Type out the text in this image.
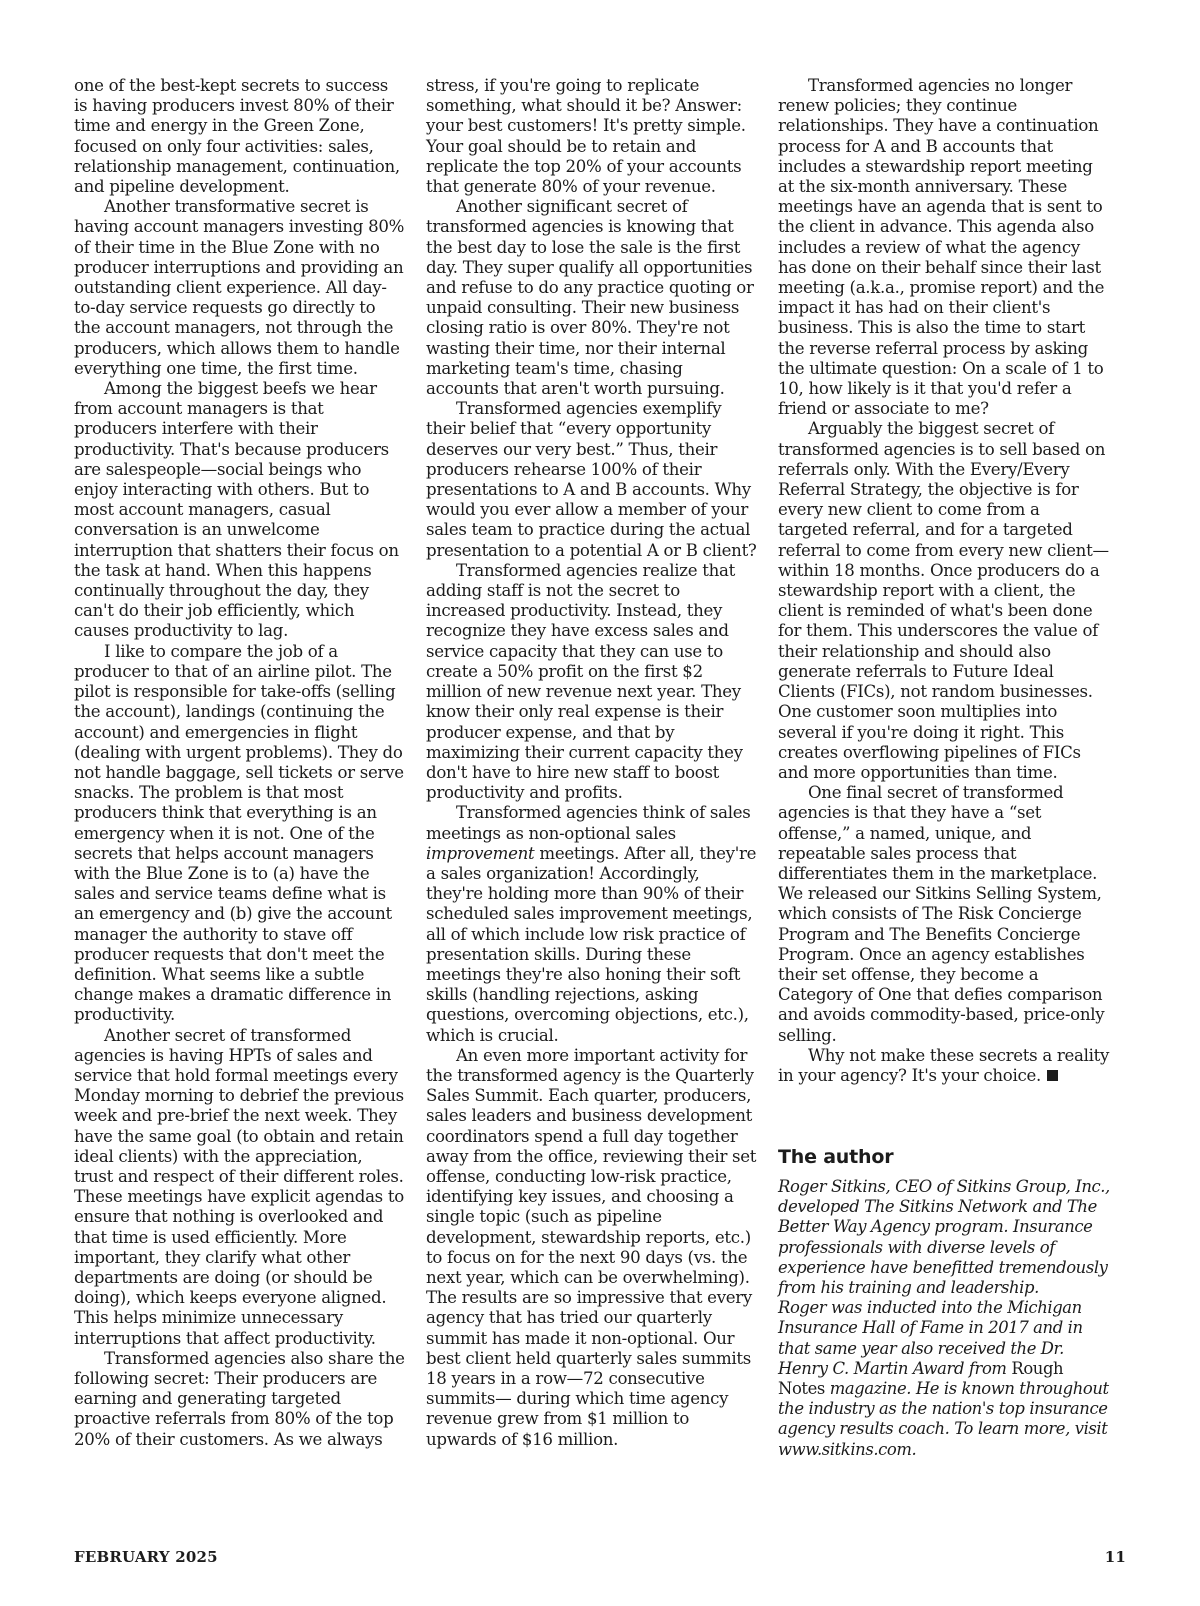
one of the best-kept secrets to success is having producers invest 80% of their time and energy in the Green Zone, focused on only four activities: sales, relationship management, continuation, and pipeline development.

Another transformative secret is having account managers investing 80% of their time in the Blue Zone with no producer interruptions and providing an outstanding client experience. All day-to-day service requests go directly to the account managers, not through the producers, which allows them to handle everything one time, the first time.

Among the biggest beefs we hear from account managers is that producers interfere with their productivity. That's because producers are salespeople—social beings who enjoy interacting with others. But to most account managers, casual conversation is an unwelcome interruption that shatters their focus on the task at hand. When this happens continually throughout the day, they can't do their job efficiently, which causes productivity to lag.

I like to compare the job of a producer to that of an airline pilot. The pilot is responsible for take-offs (selling the account), landings (continuing the account) and emergencies in flight (dealing with urgent problems). They do not handle baggage, sell tickets or serve snacks. The problem is that most producers think that everything is an emergency when it is not. One of the secrets that helps account managers with the Blue Zone is to (a) have the sales and service teams define what is an emergency and (b) give the account manager the authority to stave off producer requests that don't meet the definition. What seems like a subtle change makes a dramatic difference in productivity.

Another secret of transformed agencies is having HPTs of sales and service that hold formal meetings every Monday morning to debrief the previous week and pre-brief the next week. They have the same goal (to obtain and retain ideal clients) with the appreciation, trust and respect of their different roles. These meetings have explicit agendas to ensure that nothing is overlooked and that time is used efficiently. More important, they clarify what other departments are doing (or should be doing), which keeps everyone aligned. This helps minimize unnecessary interruptions that affect productivity.

Transformed agencies also share the following secret: Their producers are earning and generating targeted proactive referrals from 80% of the top 20% of their customers. As we always

stress, if you're going to replicate something, what should it be? Answer: your best customers! It's pretty simple. Your goal should be to retain and replicate the top 20% of your accounts that generate 80% of your revenue.

Another significant secret of transformed agencies is knowing that the best day to lose the sale is the first day. They super qualify all opportunities and refuse to do any practice quoting or unpaid consulting. Their new business closing ratio is over 80%. They're not wasting their time, nor their internal marketing team's time, chasing accounts that aren't worth pursuing.

Transformed agencies exemplify their belief that “every opportunity deserves our very best.” Thus, their producers rehearse 100% of their presentations to A and B accounts. Why would you ever allow a member of your sales team to practice during the actual presentation to a potential A or B client?

Transformed agencies realize that adding staff is not the secret to increased productivity. Instead, they recognize they have excess sales and service capacity that they can use to create a 50% profit on the first $2 million of new revenue next year. They know their only real expense is their producer expense, and that by maximizing their current capacity they don't have to hire new staff to boost productivity and profits.

Transformed agencies think of sales meetings as non-optional sales improvement meetings. After all, they're a sales organization! Accordingly, they're holding more than 90% of their scheduled sales improvement meetings, all of which include low risk practice of presentation skills. During these meetings they're also honing their soft skills (handling rejections, asking questions, overcoming objections, etc.), which is crucial.

An even more important activity for the transformed agency is the Quarterly Sales Summit. Each quarter, producers, sales leaders and business development coordinators spend a full day together away from the office, reviewing their set offense, conducting low-risk practice, identifying key issues, and choosing a single topic (such as pipeline development, stewardship reports, etc.) to focus on for the next 90 days (vs. the next year, which can be overwhelming). The results are so impressive that every agency that has tried our quarterly summit has made it non-optional. Our best client held quarterly sales summits 18 years in a row—72 consecutive summits— during which time agency revenue grew from $1 million to upwards of $16 million.

Transformed agencies no longer renew policies; they continue relationships. They have a continuation process for A and B accounts that includes a stewardship report meeting at the six-month anniversary. These meetings have an agenda that is sent to the client in advance. This agenda also includes a review of what the agency has done on their behalf since their last meeting (a.k.a., promise report) and the impact it has had on their client's business. This is also the time to start the reverse referral process by asking the ultimate question: On a scale of 1 to 10, how likely is it that you'd refer a friend or associate to me?

Arguably the biggest secret of transformed agencies is to sell based on referrals only. With the Every/Every Referral Strategy, the objective is for every new client to come from a targeted referral, and for a targeted referral to come from every new client—within 18 months. Once producers do a stewardship report with a client, the client is reminded of what's been done for them. This underscores the value of their relationship and should also generate referrals to Future Ideal Clients (FICs), not random businesses. One customer soon multiplies into several if you're doing it right. This creates overflowing pipelines of FICs and more opportunities than time.

One final secret of transformed agencies is that they have a “set offense,” a named, unique, and repeatable sales process that differentiates them in the marketplace. We released our Sitkins Selling System, which consists of The Risk Concierge Program and The Benefits Concierge Program. Once an agency establishes their set offense, they become a Category of One that defies comparison and avoids commodity-based, price-only selling.

Why not make these secrets a reality in your agency? It's your choice.

The author

Roger Sitkins, CEO of Sitkins Group, Inc., developed The Sitkins Network and The Better Way Agency program. Insurance professionals with diverse levels of experience have benefitted tremendously from his training and leadership.

Roger was inducted into the Michigan Insurance Hall of Fame in 2017 and in that same year also received the Dr. Henry C. Martin Award from Rough Notes magazine. He is known throughout the industry as the nation's top insurance agency results coach. To learn more, visit www.sitkins.com.

FEBRUARY 2025	11
